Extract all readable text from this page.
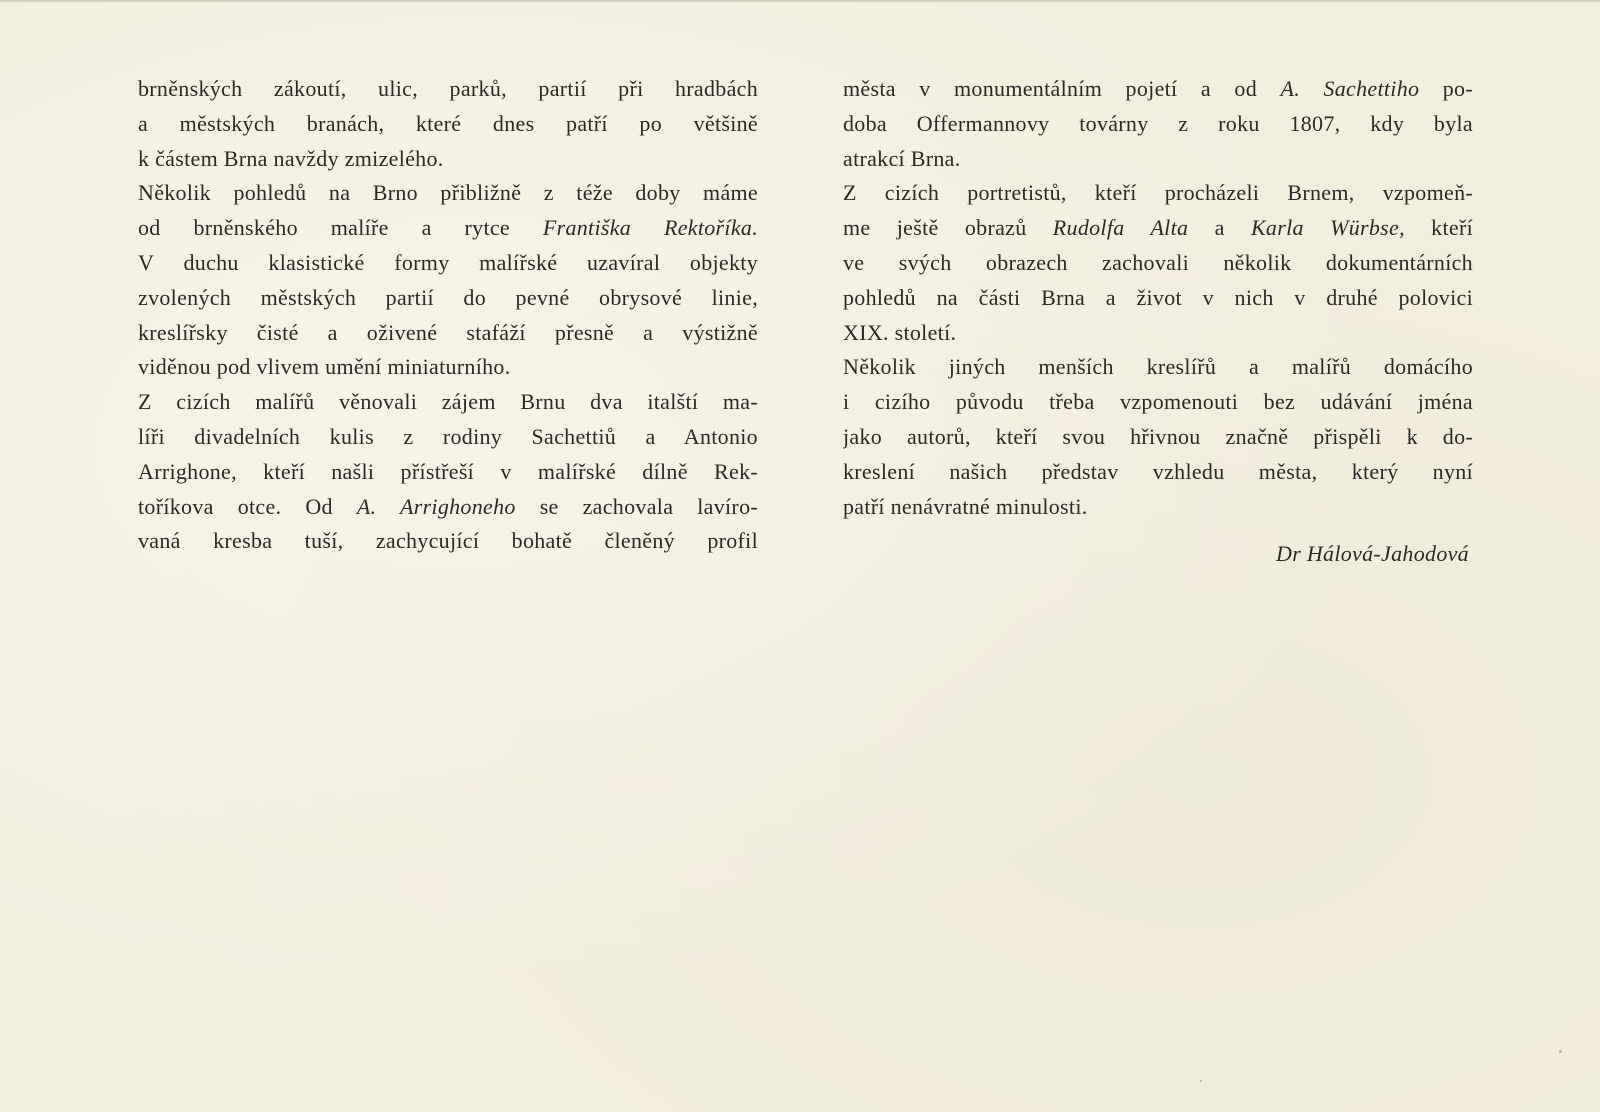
brněnských zákoutí, ulic, parků, partií při hradbách
a městských branách, které dnes patří po většině
k částem Brna navždy zmizelého.
Několik pohledů na Brno přibližně z téže doby máme
od brněnského malíře a rytce Františka Rektoříka.
V duchu klasistické formy malířské uzavíral objekty
zvolených městských partií do pevné obrysové linie,
kreslířsky čisté a oživené stafáží přesně a výstižně
viděnou pod vlivem umění miniaturního.
Z cizích malířů věnovali zájem Brnu dva italští ma-
líři divadelních kulis z rodiny Sachettiů a Antonio
Arrighone, kteří našli přístřeší v malířské dílně Rek-
toříkova otce. Od A. Arrighoneho se zachovala lavíro-
vaná kresba tuší, zachycující bohatě členěný profil
města v monumentálním pojetí a od A. Sachettiho po-
doba Offermannovy továrny z roku 1807, kdy byla
atrakcí Brna.
Z cizích portretistů, kteří procházeli Brnem, vzpomeň-
me ještě obrazů Rudolfa Alta a Karla Würbse, kteří
ve svých obrazech zachovali několik dokumentárních
pohledů na části Brna a život v nich v druhé polovici
XIX. století.
Několik jiných menších kreslířů a malířů domácího
i cizího původu třeba vzpomenouti bez udávání jména
jako autorů, kteří svou hřivnou značně přispěli k do-
kreslení našich představ vzhledu města, který nyní
patří nenávratné minulosti.
Dr Hálová-Jahodová
